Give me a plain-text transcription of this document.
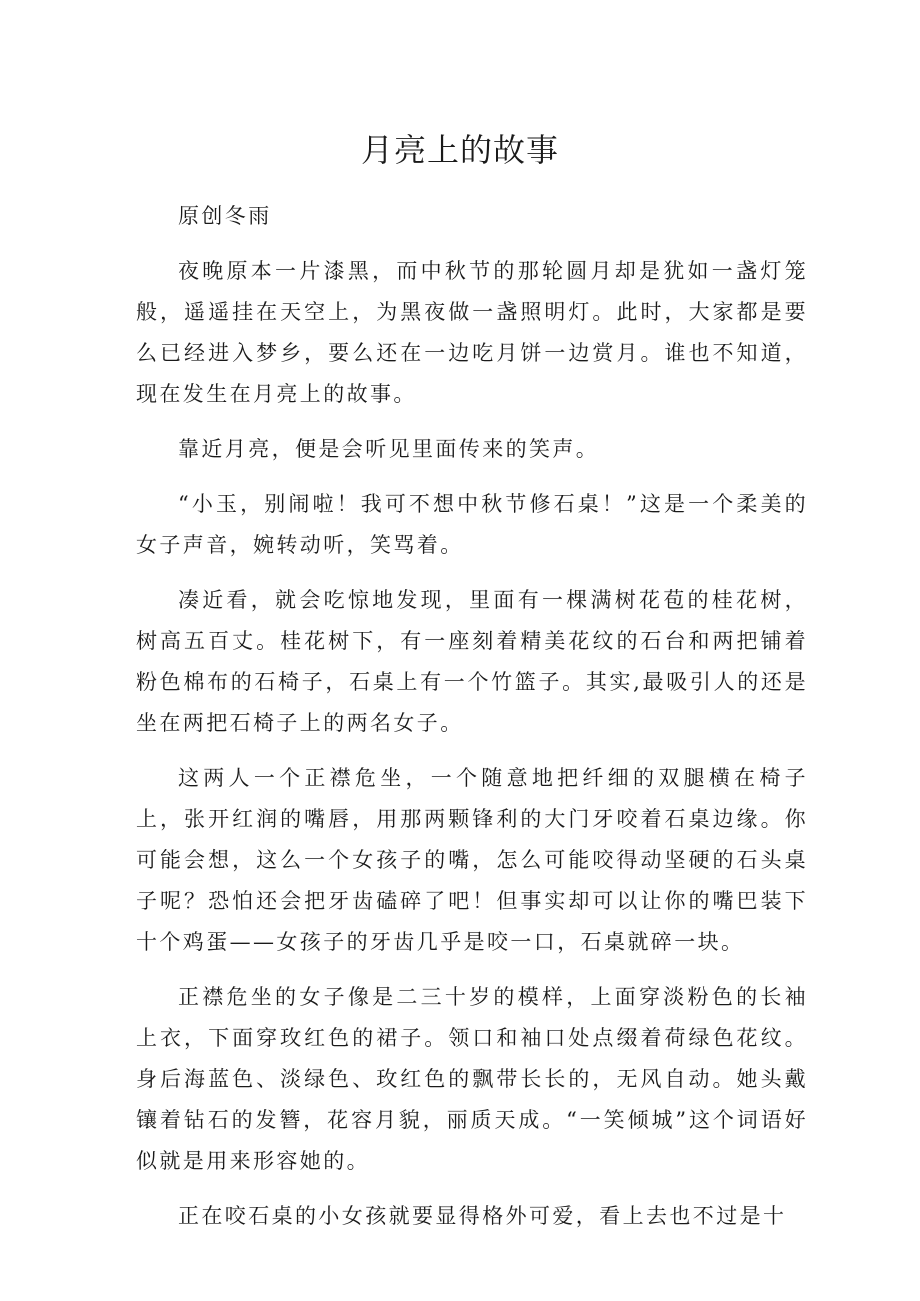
月亮上的故事

原创冬雨

夜晚原本一片漆黑，而中秋节的那轮圆月却是犹如一盏灯笼般，遥遥挂在天空上，为黑夜做一盏照明灯。此时，大家都是要么已经进入梦乡，要么还在一边吃月饼一边赏月。谁也不知道，现在发生在月亮上的故事。

靠近月亮，便是会听见里面传来的笑声。

“小玉，别闹啦！我可不想中秋节修石桌！”这是一个柔美的女子声音，婉转动听，笑骂着。

凑近看，就会吃惊地发现，里面有一棵满树花苞的桂花树，树高五百丈。桂花树下，有一座刻着精美花纹的石台和两把铺着粉色棉布的石椅子，石桌上有一个竹篮子。其实,最吸引人的还是坐在两把石椅子上的两名女子。

这两人一个正襟危坐，一个随意地把纤细的双腿横在椅子上，张开红润的嘴唇，用那两颗锋利的大门牙咬着石桌边缘。你可能会想，这么一个女孩子的嘴，怎么可能咬得动坚硬的石头桌子呢？恐怕还会把牙齿磕碎了吧！但事实却可以让你的嘴巴装下十个鸡蛋——女孩子的牙齿几乎是咬一口，石桌就碎一块。

正襟危坐的女子像是二三十岁的模样，上面穿淡粉色的长袖上衣，下面穿玫红色的裙子。领口和袖口处点缀着荷绿色花纹。身后海蓝色、淡绿色、玫红色的飘带长长的，无风自动。她头戴镶着钻石的发簪，花容月貌，丽质天成。“一笑倾城”这个词语好似就是用来形容她的。

正在咬石桌的小女孩就要显得格外可爱，看上去也不过是十
